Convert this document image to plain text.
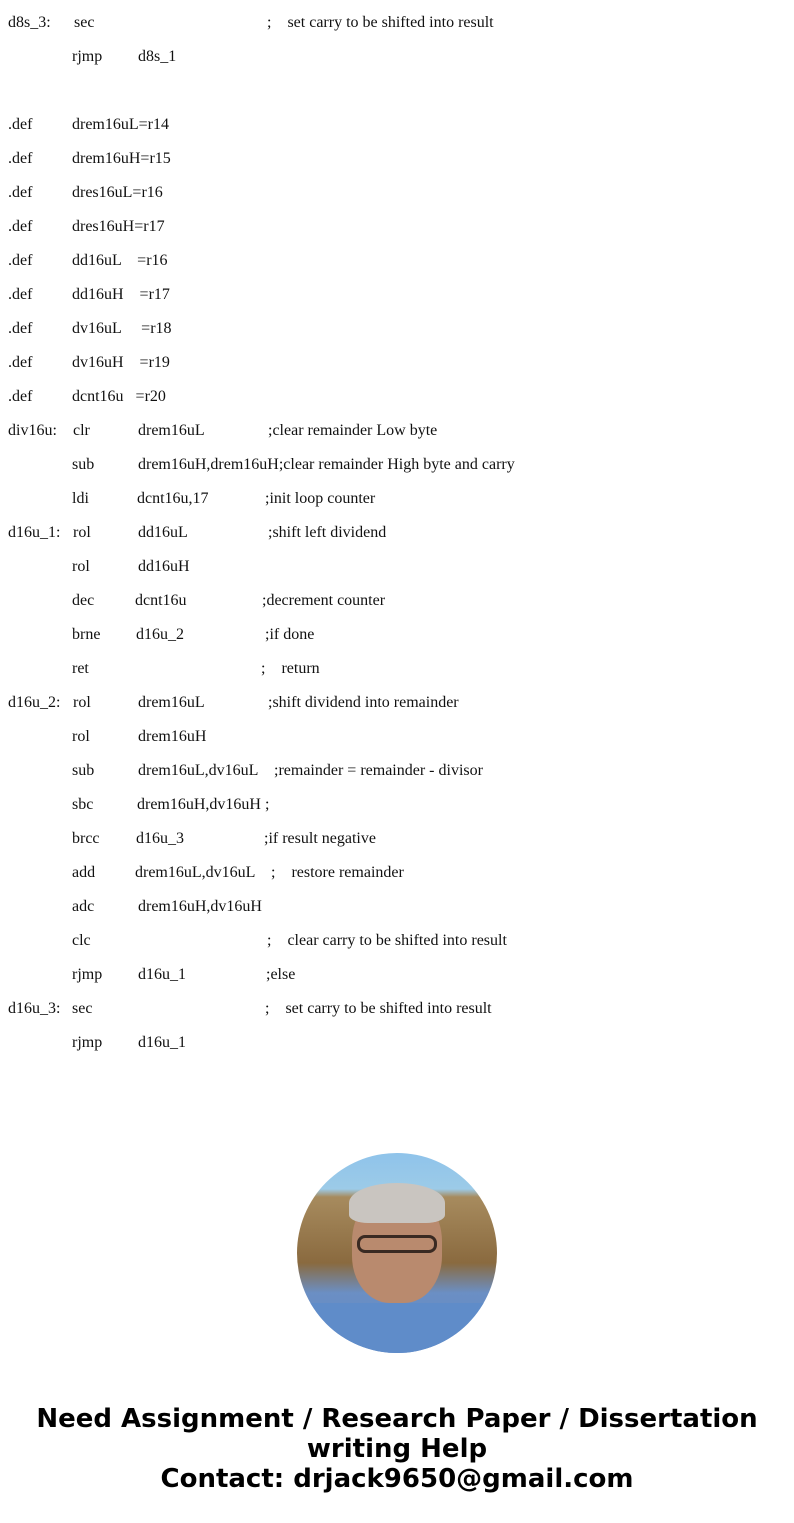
d8s_3: sec	;    set carry to be shifted into result
rjmp d8s_1
.def drem16uL=r14
.def drem16uH=r15
.def dres16uL=r16
.def dres16uH=r17
.def dd16uL    =r16
.def dd16uH    =r17
.def dv16uL     =r18
.def dv16uH    =r19
.def dcnt16u   =r20
div16u: clr	drem16uL	;clear remainder Low byte
sub	drem16uH,drem16uH;clear remainder High byte and carry
ldi	dcnt16u,17	;init loop counter
d16u_1: rol	dd16uL	;shift left dividend
rol	dd16uH
dec	dcnt16u	;decrement counter
brne d16u_2	;if done
ret	;    return
d16u_2: rol	drem16uL	;shift dividend into remainder
rol	drem16uH
sub	drem16uL,dv16uL ;remainder = remainder - divisor
sbc	drem16uH,dv16uH ;
brcc d16u_3	;if result negative
add drem16uL,dv16uL ;    restore remainder
adc	drem16uH,dv16uH
clc	;    clear carry to be shifted into result
rjmp d16u_1	;else
d16u_3: sec	;    set carry to be shifted into result
rjmp d16u_1
Need Assignment / Research Paper / Dissertation
writing Help
Contact: drjack9650@gmail.com
